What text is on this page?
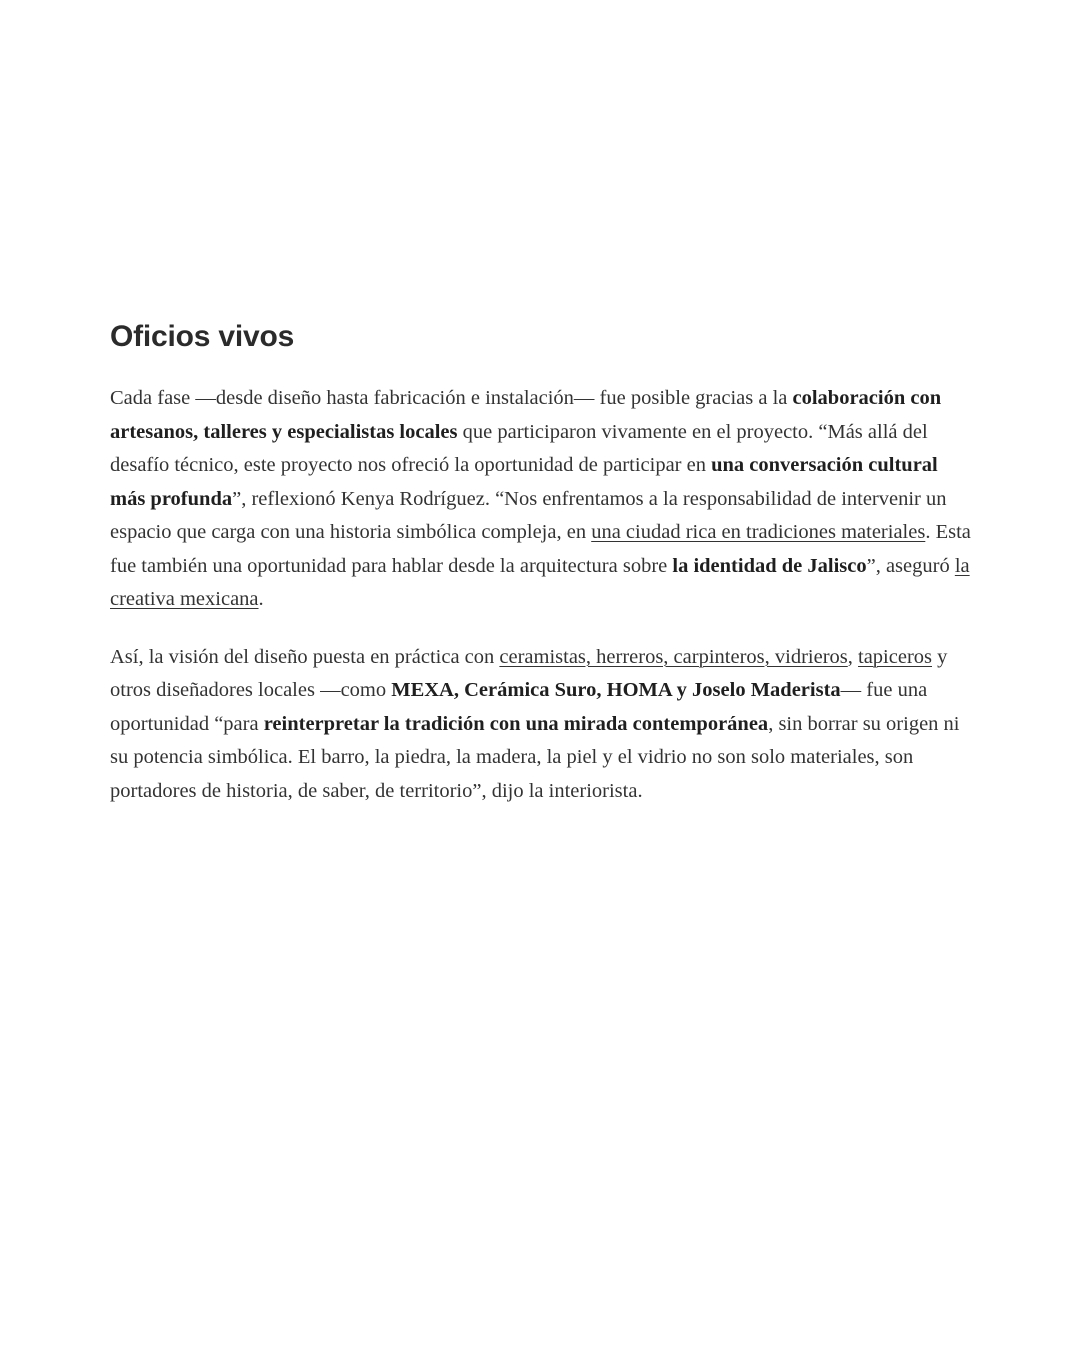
Oficios vivos

Cada fase —desde diseño hasta fabricación e instalación— fue posible gracias a la colaboración con artesanos, talleres y especialistas locales que participaron vivamente en el proyecto. “Más allá del desafío técnico, este proyecto nos ofreció la oportunidad de participar en una conversación cultural más profunda”, reflexionó Kenya Rodríguez. “Nos enfrentamos a la responsabilidad de intervenir un espacio que carga con una historia simbólica compleja, en una ciudad rica en tradiciones materiales. Esta fue también una oportunidad para hablar desde la arquitectura sobre la identidad de Jalisco”, aseguró la creativa mexicana.

Así, la visión del diseño puesta en práctica con ceramistas, herreros, carpinteros, vidrieros, tapiceros y otros diseñadores locales —como MEXA, Cerámica Suro, HOMA y Joselo Maderista— fue una oportunidad “para reinterpretar la tradición con una mirada contemporánea, sin borrar su origen ni su potencia simbólica. El barro, la piedra, la madera, la piel y el vidrio no son solo materiales, son portadores de historia, de saber, de territorio”, dijo la interiorista.
